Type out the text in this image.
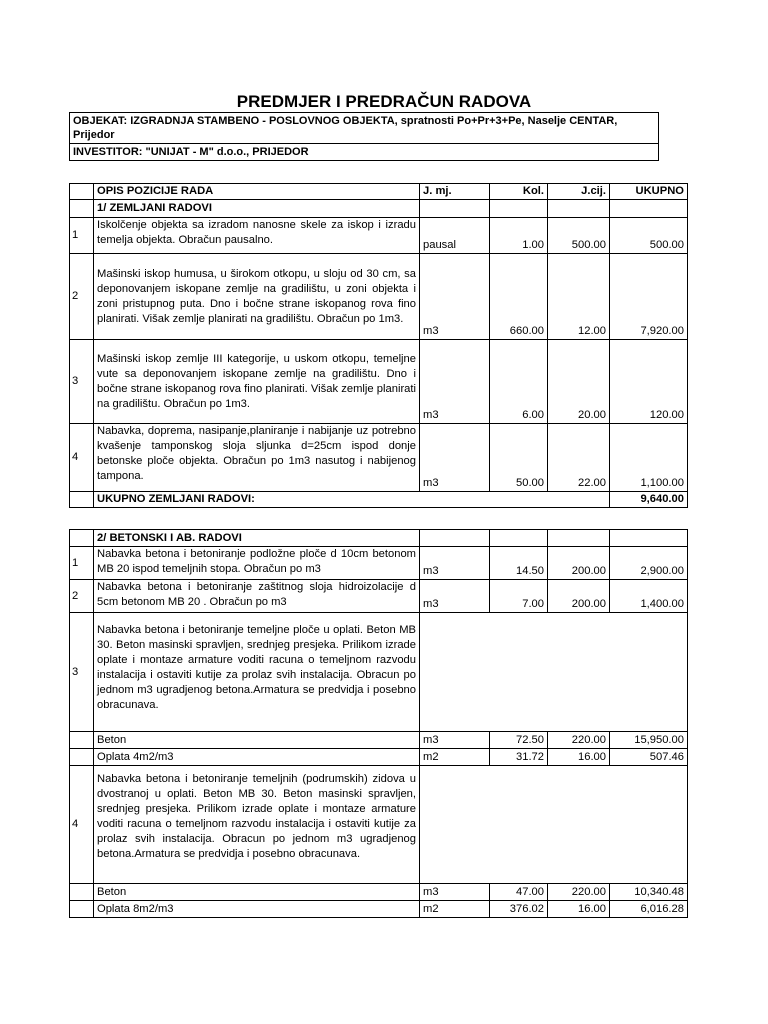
PREDMJER I PREDRAČUN RADOVA
OBJEKAT: IZGRADNJA STAMBENO - POSLOVNOG OBJEKTA, spratnosti Po+Pr+3+Pe, Naselje CENTAR, Prijedor
INVESTITOR: "UNIJAT - M" d.o.o., PRIJEDOR
	OPIS POZICIJE RADA	J. mj.	Kol.	J.cij.	UKUPNO
	1/ ZEMLJANI RADOVI				
1	Iskolčenje objekta sa izradom nanosne skele za iskop i izradu temelja objekta. Obračun pausalno.	pausal	1.00	500.00	500.00
2	Mašinski iskop humusa, u širokom otkopu, u sloju od 30 cm, sa deponovanjem iskopane zemlje na gradilištu, u zoni objekta i zoni pristupnog puta. Dno i bočne strane iskopanog rova fino planirati. Višak zemlje planirati na gradilištu. Obračun po 1m3.	m3	660.00	12.00	7,920.00
3	Mašinski iskop zemlje III kategorije, u uskom otkopu, temeljne vute sa deponovanjem iskopane zemlje na gradilištu. Dno i bočne strane iskopanog rova fino planirati. Višak zemlje planirati na gradilištu. Obračun po 1m3.	m3	6.00	20.00	120.00
4	Nabavka, doprema, nasipanje,planiranje i nabijanje uz potrebno kvašenje tamponskog sloja sljunka d=25cm ispod donje betonske ploče objekta. Obračun po 1m3 nasutog i nabijenog tampona.	m3	50.00	22.00	1,100.00
	UKUPNO ZEMLJANI RADOVI:				9,640.00
	2/ BETONSKI I AB. RADOVI				
1	Nabavka betona i betoniranje podložne ploče d 10cm betonom MB 20 ispod temeljnih stopa. Obračun po m3	m3	14.50	200.00	2,900.00
2	Nabavka betona i betoniranje zaštitnog sloja hidroizolacije d 5cm betonom MB 20 . Obračun po m3	m3	7.00	200.00	1,400.00
3	Nabavka betona i betoniranje temeljne ploče u oplati. Beton MB 30. Beton masinski spravljen, srednjeg presjeka. Prilikom izrade oplate i montaze armature voditi racuna o temeljnom razvodu instalacija i ostaviti kutije za prolaz svih instalacija. Obracun po jednom m3 ugradjenog betona.Armatura se predvidja i posebno obracunava.				
	Beton	m3	72.50	220.00	15,950.00
	Oplata 4m2/m3	m2	31.72	16.00	507.46
4	Nabavka betona i betoniranje temeljnih (podrumskih) zidova u dvostranoj u oplati. Beton MB 30. Beton masinski spravljen, srednjeg presjeka. Prilikom izrade oplate i montaze armature voditi racuna o temeljnom razvodu instalacija i ostaviti kutije za prolaz svih instalacija. Obracun po jednom m3 ugradjenog betona.Armatura se predvidja i posebno obracunava.				
	Beton	m3	47.00	220.00	10,340.48
	Oplata 8m2/m3	m2	376.02	16.00	6,016.28
